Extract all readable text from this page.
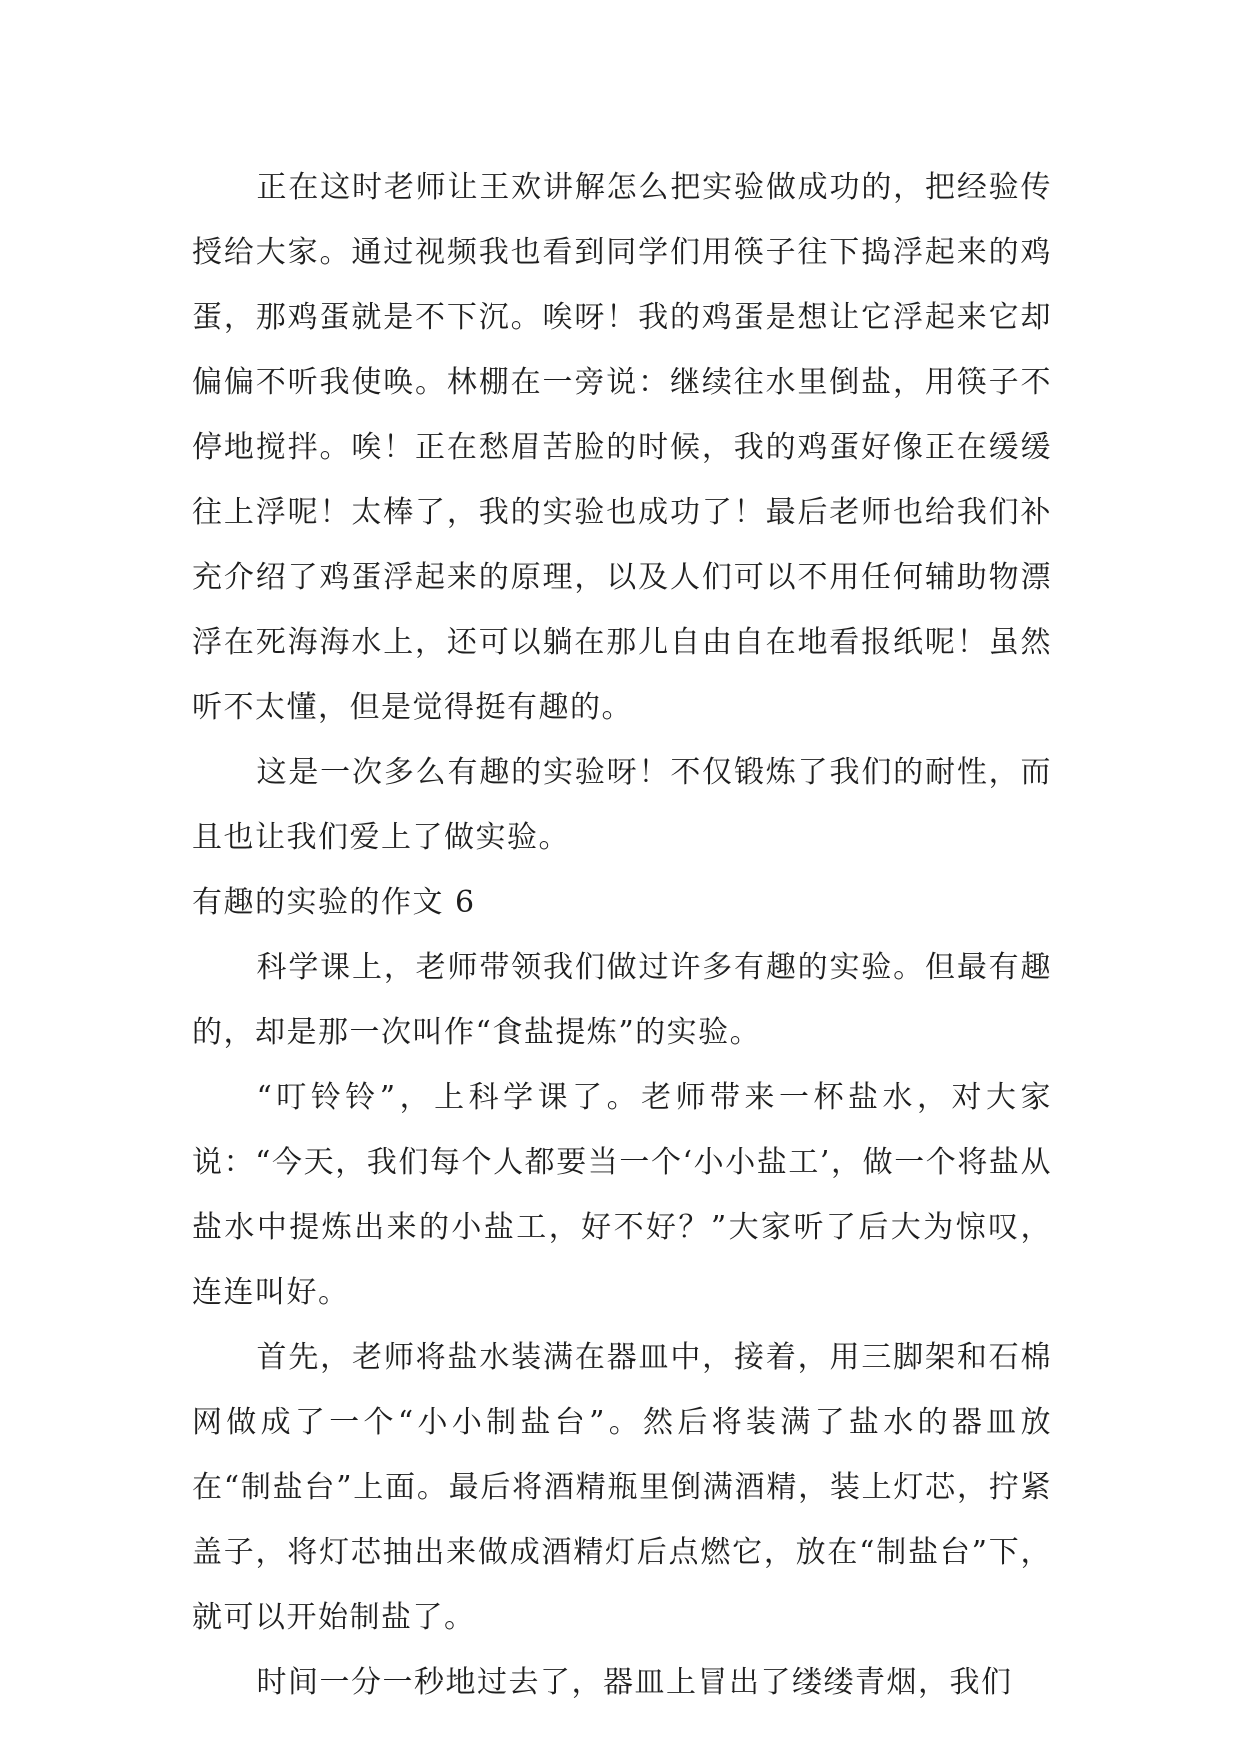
正在这时老师让王欢讲解怎么把实验做成功的，把经验传授给大家。通过视频我也看到同学们用筷子往下捣浮起来的鸡蛋，那鸡蛋就是不下沉。唉呀！我的鸡蛋是想让它浮起来它却偏偏不听我使唤。林棚在一旁说：继续往水里倒盐，用筷子不停地搅拌。唉！正在愁眉苦脸的时候，我的鸡蛋好像正在缓缓往上浮呢！太棒了，我的实验也成功了！最后老师也给我们补充介绍了鸡蛋浮起来的原理，以及人们可以不用任何辅助物漂浮在死海海水上，还可以躺在那儿自由自在地看报纸呢！虽然听不太懂，但是觉得挺有趣的。

这是一次多么有趣的实验呀！不仅锻炼了我们的耐性，而且也让我们爱上了做实验。

有趣的实验的作文 6

科学课上，老师带领我们做过许多有趣的实验。但最有趣的，却是那一次叫作“食盐提炼”的实验。

“叮铃铃”，上科学课了。老师带来一杯盐水，对大家说：“今天，我们每个人都要当一个‘小小盐工’，做一个将盐从盐水中提炼出来的小盐工，好不好？”大家听了后大为惊叹，连连叫好。

首先，老师将盐水装满在器皿中，接着，用三脚架和石棉网做成了一个“小小制盐台”。然后将装满了盐水的器皿放在“制盐台”上面。最后将酒精瓶里倒满酒精，装上灯芯，拧紧盖子，将灯芯抽出来做成酒精灯后点燃它，放在“制盐台”下，就可以开始制盐了。

时间一分一秒地过去了，器皿上冒出了缕缕青烟，我们
